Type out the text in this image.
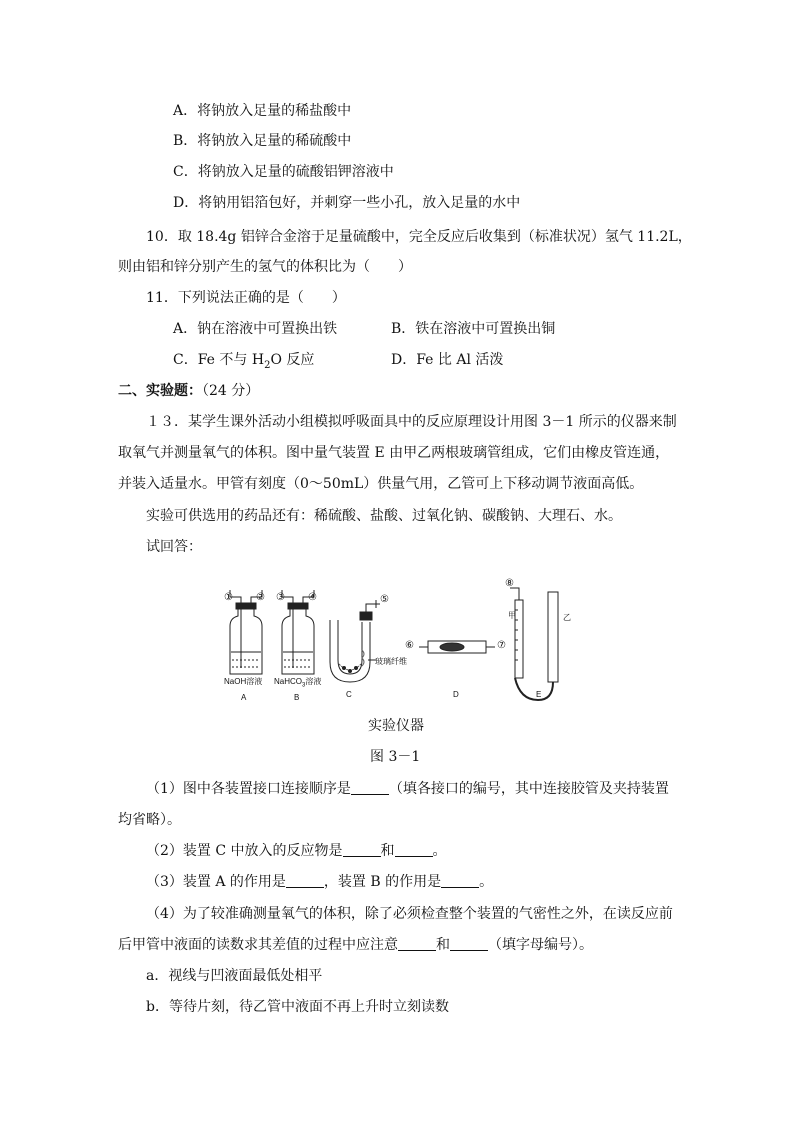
A．将钠放入足量的稀盐酸中
B．将钠放入足量的稀硫酸中
C．将钠放入足量的硫酸铝钾溶液中
D．将钠用铝箔包好，并刺穿一些小孔，放入足量的水中
10．取 18.4g 铝锌合金溶于足量硫酸中，完全反应后收集到（标准状况）氢气 11.2L，
则由铝和锌分别产生的氢气的体积比为（　　）
11．下列说法正确的是（　　）
A．钠在溶液中可置换出铁	B．铁在溶液中可置换出铜
C．Fe 不与 $H_2O$ 反应	D．Fe 比 Al 活泼
二、实验题：（24 分）
１３．某学生课外活动小组模拟呼吸面具中的反应原理设计用图 3－1 所示的仪器来制
取氧气并测量氧气的体积。图中量气装置 E 由甲乙两根玻璃管组成，它们由橡皮管连通，
并装入适量水。甲管有刻度（0～50mL）供量气用，乙管可上下移动调节液面高低。
实验可供选用的药品还有：稀硫酸、盐酸、过氧化钠、碳酸钠、大理石、水。
试回答：
① ② ③ ④	⑤
⑥	⑦
⑧
NaOH溶液 NaHCO$_3$溶液
玻璃纤维
甲	乙
A	B	C	D	E
实验仪器
图 3－1
（1）图中各装置接口连接顺序是	（填各接口的编号，其中连接胶管及夹持装置
均省略）。
（2）装置 C 中放入的反应物是	和	。
（3）装置 A 的作用是	，装置 B 的作用是	。
（4）为了较准确测量氧气的体积，除了必须检查整个装置的气密性之外，在读反应前
后甲管中液面的读数求其差值的过程中应注意	和	（填字母编号）。
a．视线与凹液面最低处相平
b．等待片刻，待乙管中液面不再上升时立刻读数
